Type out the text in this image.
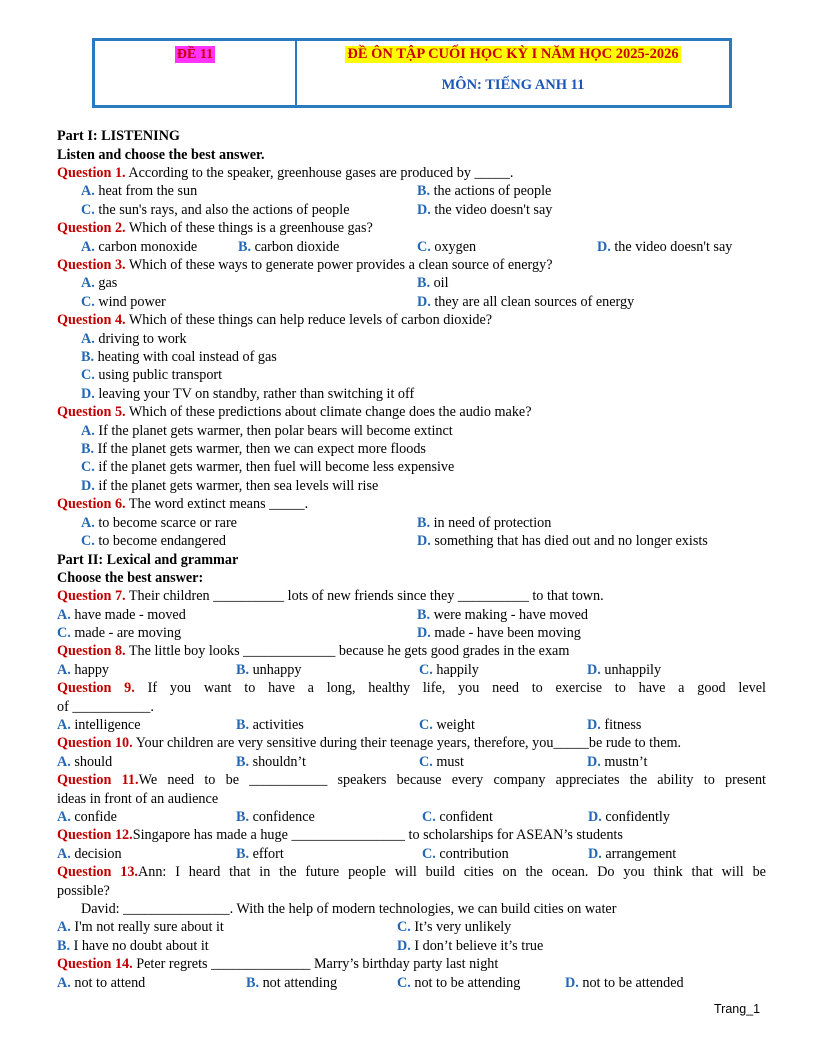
ĐỀ 11	ĐỀ ÔN TẬP CUỐI HỌC KỲ I NĂM HỌC 2025-2026
MÔN: TIẾNG ANH 11
Part I: LISTENING
Listen and choose the best answer.
Question 1. According to the speaker, greenhouse gases are produced by _____.
A. heat from the sun	B. the actions of people
C. the sun's rays, and also the actions of people	D. the video doesn't say
Question 2. Which of these things is a greenhouse gas?
A. carbon monoxide	B. carbon dioxide	C. oxygen	D. the video doesn't say
Question 3. Which of these ways to generate power provides a clean source of energy?
A. gas	B. oil
C. wind power	D. they are all clean sources of energy
Question 4. Which of these things can help reduce levels of carbon dioxide?
A. driving to work
B. heating with coal instead of gas
C. using public transport
D. leaving your TV on standby, rather than switching it off
Question 5. Which of these predictions about climate change does the audio make?
A. If the planet gets warmer, then polar bears will become extinct
B. If the planet gets warmer, then we can expect more floods
C. if the planet gets warmer, then fuel will become less expensive
D. if the planet gets warmer, then sea levels will rise
Question 6. The word extinct means _____.
A. to become scarce or rare	B. in need of protection
C. to become endangered	D. something that has died out and no longer exists
Part II: Lexical and grammar
Choose the best answer:
Question 7. Their children __________ lots of new friends since they __________ to that town.
A. have made - moved	B. were making - have moved
C. made - are moving	D. made - have been moving
Question 8. The little boy looks _____________ because he gets good grades in the exam
A. happy	B. unhappy	C. happily	D. unhappily
Question 9. If you want to have a long, healthy life, you need to exercise to have a good level
of ___________.
A. intelligence	B. activities	C. weight	D. fitness
Question 10. Your children are very sensitive during their teenage years, therefore, you_____be rude to them.
A. should	B. shouldn’t	C. must	D. mustn’t
Question 11.We need to be ___________ speakers because every company appreciates the ability to present
ideas in front of an audience
A. confide	B. confidence	C. confident	D. confidently
Question 12.Singapore has made a huge ________________ to scholarships for ASEAN’s students
A. decision	B. effort	C. contribution	D. arrangement
Question 13.Ann: I heard that in the future people will build cities on the ocean. Do you think that will be
possible?
David: _______________. With the help of modern technologies, we can build cities on water
A. I'm not really sure about it	C. It’s very unlikely
B. I have no doubt about it	D. I don’t believe it’s true
Question 14. Peter regrets ______________ Marry’s birthday party last night
A. not to attend	B. not attending	C. not to be attending	D. not to be attended
Trang_1
